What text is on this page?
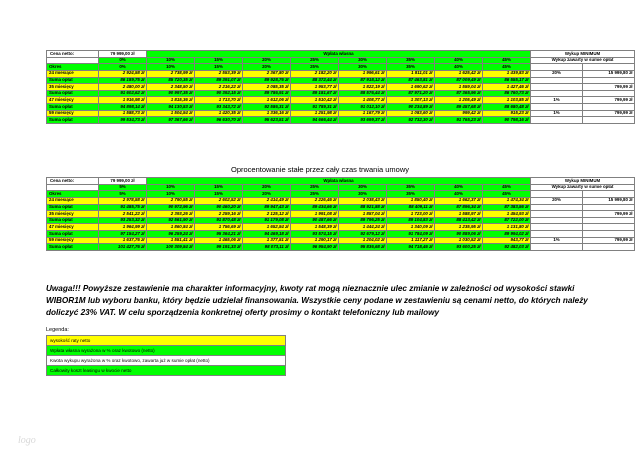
Cena netto:	79 999,00 zł	Wpłata własna								Wykup MINIMUM	
	0%	10%	15%	20%	25%	30%	35%	40%	45%	Wykup zawarty w sumie opłat	
Okres	0%	10%	15%	20%	25%	30%	35%	40%	45%		
24 miesiące	2 924,58 zł	2 738,99 zł	2 553,39 zł	2 367,80 zł	2 182,20 zł	1 996,61 zł	1 811,01 zł	1 625,42 zł	1 439,83 zł	20%	15 999,80 zł
Suma opłat	86 189,75 zł	85 720,35 zł	89 391,07 zł	89 928,76 zł	88 372,44 zł	87 918,12 zł	87 463,81 zł	87 009,49 zł	86 555,17 zł		
35 miesięcy	2 480,00 zł	2 348,50 zł	2 216,22 zł	2 085,35 zł	1 953,77 zł	1 822,19 zł	1 690,62 zł	1 559,04 zł	1 427,46 zł		799,99 zł
Suma opłat	91 602,62 zł	90 997,35 zł	90 392,15 zł	89 786,91 zł	89 181,67 zł	88 576,44 zł	87 971,20 zł	87 365,96 zł	86 760,73 zł		
47 miesięcy	1 916,98 zł	1 815,36 zł	1 713,70 zł	1 612,06 zł	1 510,42 zł	1 408,77 zł	1 307,13 zł	1 205,49 zł	1 103,85 zł	1%	799,99 zł
Suma opłat	94 898,14 zł	94 130,53 zł	93 343,72 zł	92 586,31 zł	91 789,31 zł	91 012,10 zł	90 234,89 zł	89 457,68 zł	88 680,48 zł		
59 miesięcy	1 588,73 zł	1 504,54 zł	1 420,35 zł	1 336,16 zł	1 251,98 zł	1 167,79 zł	1 083,60 zł	999,42 zł	915,23 zł	1%	799,99 zł
Suma opłat	99 534,73 zł	97 367,66 zł	96 630,70 zł	95 623,51 zł	94 666,44 zł	93 699,37 zł	92 732,30 zł	91 765,23 zł	90 798,16 zł		
Oprocentowanie stałe przez cały czas trwania umowy
Cena netto:	79 999,00 zł	Wpłata własna								Wykup MINIMUM	
	5%	10%	15%	20%	25%	30%	35%	40%	45%	Wykup zawarty w sumie opłat	
Okres	5%	10%	15%	20%	25%	30%	35%	40%	45%		
24 miesiące	2 978,58 zł	2 790,55 zł	2 602,52 zł	2 414,49 zł	2 226,46 zł	2 038,43 zł	1 850,40 zł	1 662,37 zł	1 474,34 zł	20%	15 999,80 zł
Suma opłat	91 485,75 zł	90 972,96 zł	90 460,20 zł	89 947,43 zł	89 434,66 zł	88 921,88 zł	88 409,11 zł	87 896,34 zł	87 383,56 zł		
35 miesięcy	2 541,22 zł	2 393,26 zł	2 259,16 zł	2 125,12 zł	1 991,08 zł	1 857,04 zł	1 723,00 zł	1 588,97 zł	1 454,93 zł		799,99 zł
Suma opłat	93 253,32 zł	92 561,90 zł	91 870,48 zł	91 179,08 zł	90 487,66 zł	89 796,25 zł	89 104,83 zł	88 413,42 zł	87 722,00 zł		
47 miesięcy	1 964,99 zł	1 860,84 zł	1 756,69 zł	1 652,54 zł	1 548,39 zł	1 444,24 zł	1 340,09 zł	1 235,95 zł	1 131,80 zł		
Suma opłat	97 154,27 zł	96 259,24 zł	95 364,21 zł	94 469,18 zł	93 574,15 zł	92 679,12 zł	91 784,09 zł	90 889,06 zł	89 994,02 zł		
59 miesięcy	1 637,76 zł	1 551,41 zł	1 465,06 zł	1 377,51 zł	1 290,17 zł	1 204,02 zł	1 117,27 zł	1 030,52 zł	943,77 zł	1%	799,99 zł
Suma opłat	101 427,76 zł	100 309,54 zł	99 191,33 zł	98 073,11 zł	96 954,90 zł	95 836,68 zł	94 718,46 zł	93 600,25 zł	92 482,03 zł		
Uwaga!!! Powyższe zestawienie ma charakter informacyjny, kwoty rat mogą nieznacznie ulec zmianie w zależności od wysokości stawki WIBOR1M lub wyboru banku, który będzie udzielał finansowania. Wszystkie ceny podane w zestawieniu są cenami netto, do których należy doliczyć 23% VAT. W celu sporządzenia konkretnej oferty prosimy o kontakt telefoniczny lub mailowy
Legenda:
wysokość raty netto
Wpłata własna wyrażona w % oraz kwotowo (netto)
Kwota wykupu wyrażona w % oraz kwotowo, zawarta już w sumie opłat (netto)
Całkowity koszt leasingu w kwocie netto
logo
